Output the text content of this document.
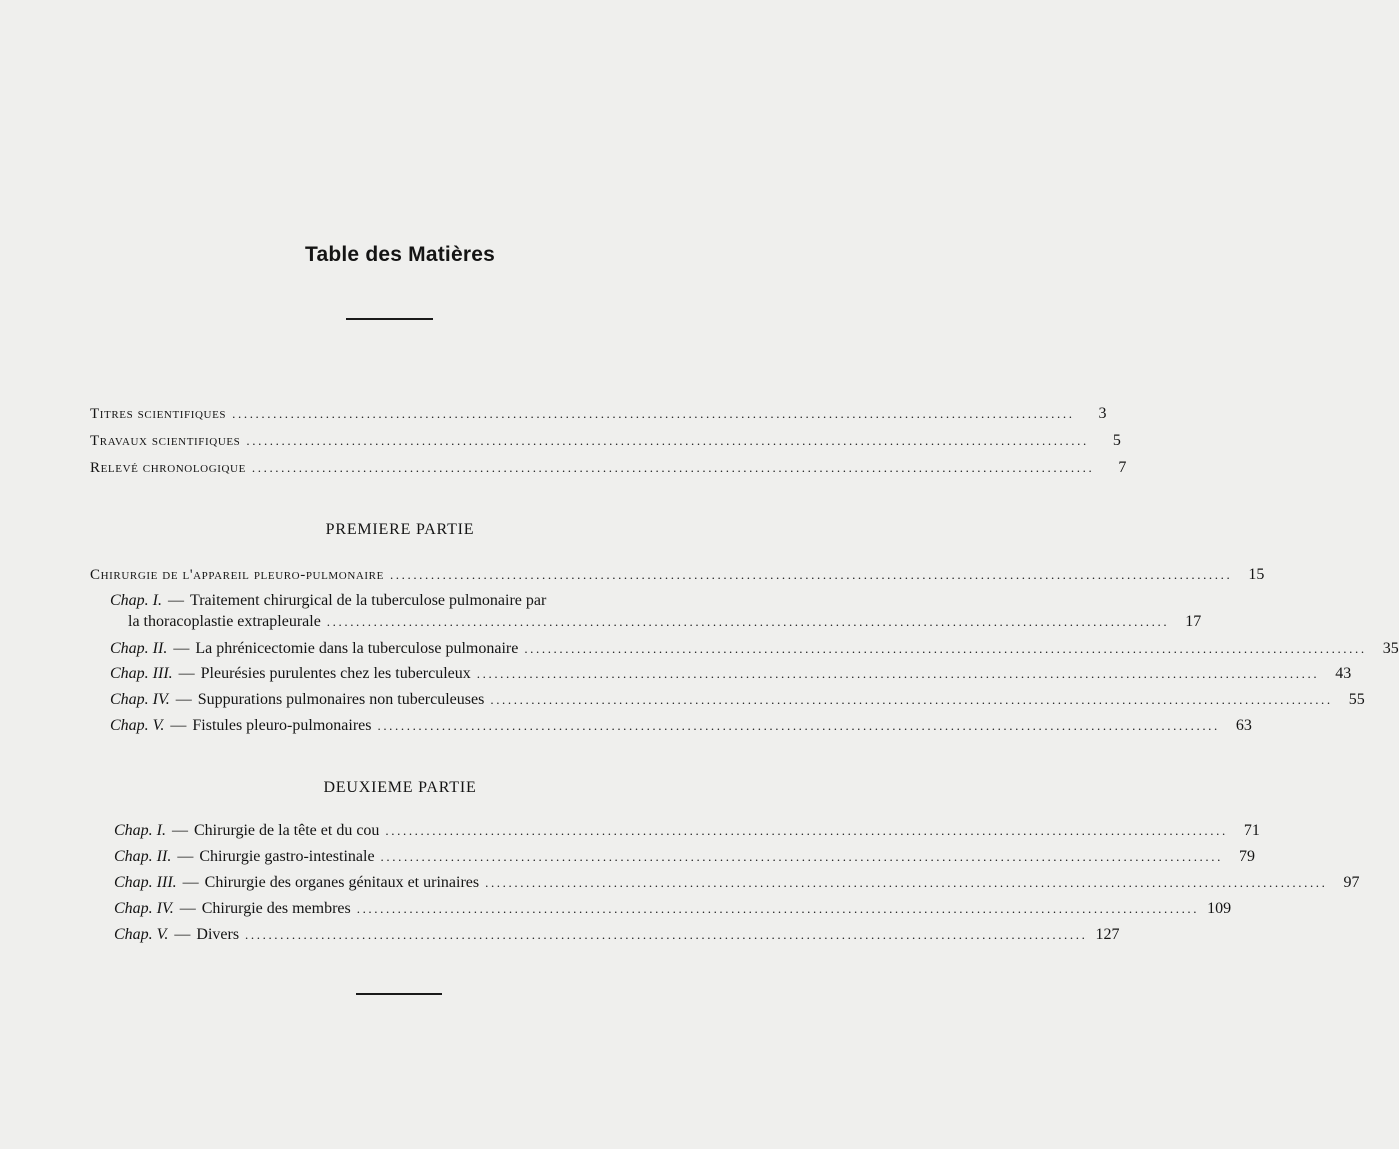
Table des Matières
Titres scientifiques ................................................................................................................................................	3
Travaux scientifiques ................................................................................................................................................	5
Relevé chronologique ................................................................................................................................................	7
PREMIERE PARTIE
Chirurgie de l'appareil pleuro-pulmonaire ................................................................................................................................................	15
Chap. I. — Traitement chirurgical de la tuberculose pulmonaire par
la thoracoplastie extrapleurale ................................................................................................................................................	17
Chap. II. — La phrénicectomie dans la tuberculose pulmonaire ................................................................................................................................................	35
Chap. III. — Pleurésies purulentes chez les tuberculeux ................................................................................................................................................	43
Chap. IV. — Suppurations pulmonaires non tuberculeuses ................................................................................................................................................	55
Chap. V. — Fistules pleuro-pulmonaires ................................................................................................................................................	63
DEUXIEME PARTIE
Chap. I. — Chirurgie de la tête et du cou ................................................................................................................................................	71
Chap. II. — Chirurgie gastro-intestinale ................................................................................................................................................	79
Chap. III. — Chirurgie des organes génitaux et urinaires ................................................................................................................................................	97
Chap. IV. — Chirurgie des membres ................................................................................................................................................ 109
Chap. V. — Divers ................................................................................................................................................ 127
